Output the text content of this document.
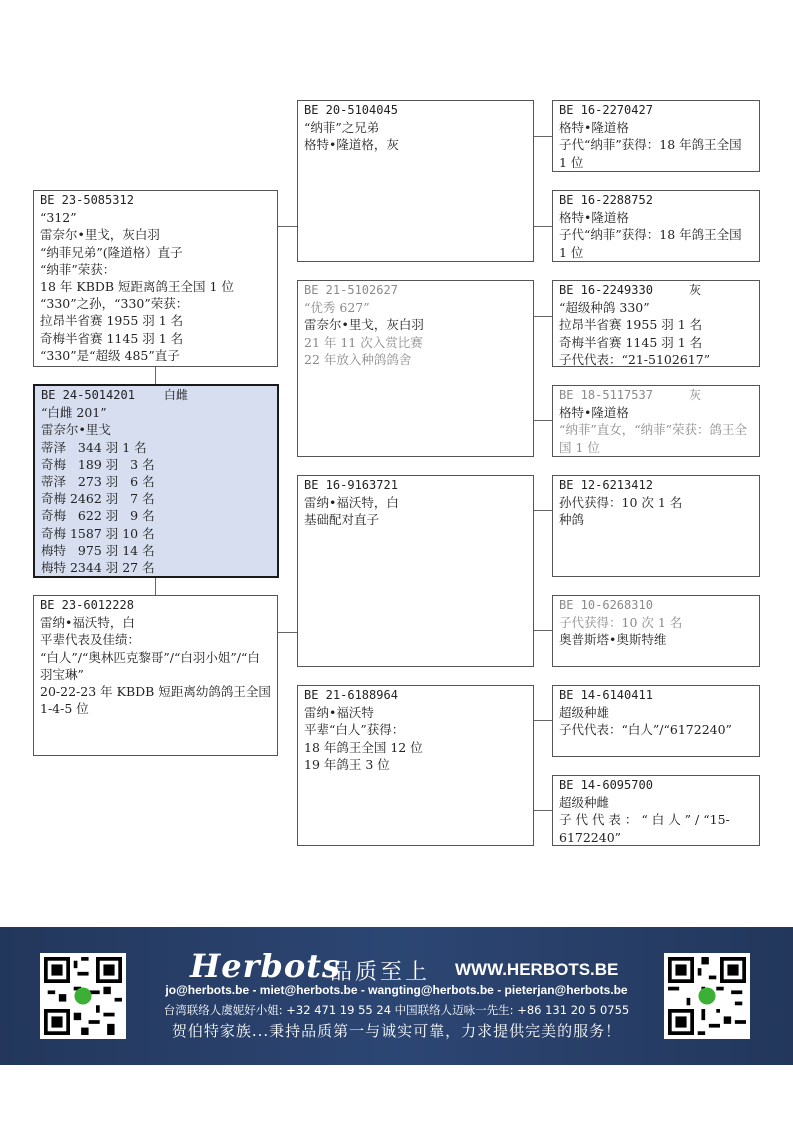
BE 23-5085312
“312”
雷奈尔•里戈，灰白羽
“纳菲兄弟”(隆道格）直子
“纳菲”荣获：
18 年 KBDB 短距离鸽王全国 1 位
“330”之孙，“330”荣获：
拉昂半省赛 1955 羽 1 名
奇梅半省赛 1145 羽 1 名
“330”是“超级 485”直子
BE 24-5014201    白雌
“白雌 201”
雷奈尔•里戈
蒂泽   344 羽 1 名
奇梅   189 羽   3 名
蒂泽   273 羽   6 名
奇梅 2462 羽   7 名
奇梅   622 羽   9 名
奇梅 1587 羽 10 名
梅特   975 羽 14 名
梅特 2344 羽 27 名
BE 23-6012228
雷纳•福沃特，白
平辈代表及佳绩：
“白人”/“奥林匹克黎哥”/“白羽小姐”/“白羽宝琳”
20-22-23 年 KBDB 短距离幼鸽鸽王全国 1-4-5 位
BE 20-5104045
“纳菲”之兄弟
格特•隆道格，灰
BE 21-5102627
“优秀 627”
雷奈尔•里戈，灰白羽
21 年 11 次入赏比赛
22 年放入种鸽鸽舍
BE 16-9163721
雷纳•福沃特，白
基础配对直子
BE 21-6188964
雷纳•福沃特
平辈“白人”获得：
18 年鸽王全国 12 位
19 年鸽王 3 位
BE 16-2270427
格特•隆道格
子代“纳菲”获得：18 年鸽王全国 1 位
BE 16-2288752
格特•隆道格
子代“纳菲”获得：18 年鸽王全国 1 位
BE 16-2249330     灰
“超级种鸽 330”
拉昂半省赛 1955 羽 1 名
奇梅半省赛 1145 羽 1 名
子代代表：“21-5102617”
BE 18-5117537     灰
格特•隆道格
“纳菲”直女，“纳菲”荣获：鸽王全国 1 位
BE 12-6213412
孙代获得：10 次 1 名
种鸽
BE 10-6268310
子代获得：10 次 1 名
奥普斯塔•奥斯特维
BE 14-6140411
超级种雄
子代代表：“白人”/“6172240”
BE 14-6095700
超级种雌
子 代 代 表 ： “ 白 人 ” / “15-6172240”
Herbots
品质至上 WWW.HERBOTS.BE
jo@herbots.be - miet@herbots.be - wangting@herbots.be - pieterjan@herbots.be
台湾联络人虞妮好小姐: +32 471 19 55 24 中国联络人迈咏一先生: +86 131 20 5 0755
贺伯特家族...秉持品质第一与诚实可靠，力求提供完美的服务！
